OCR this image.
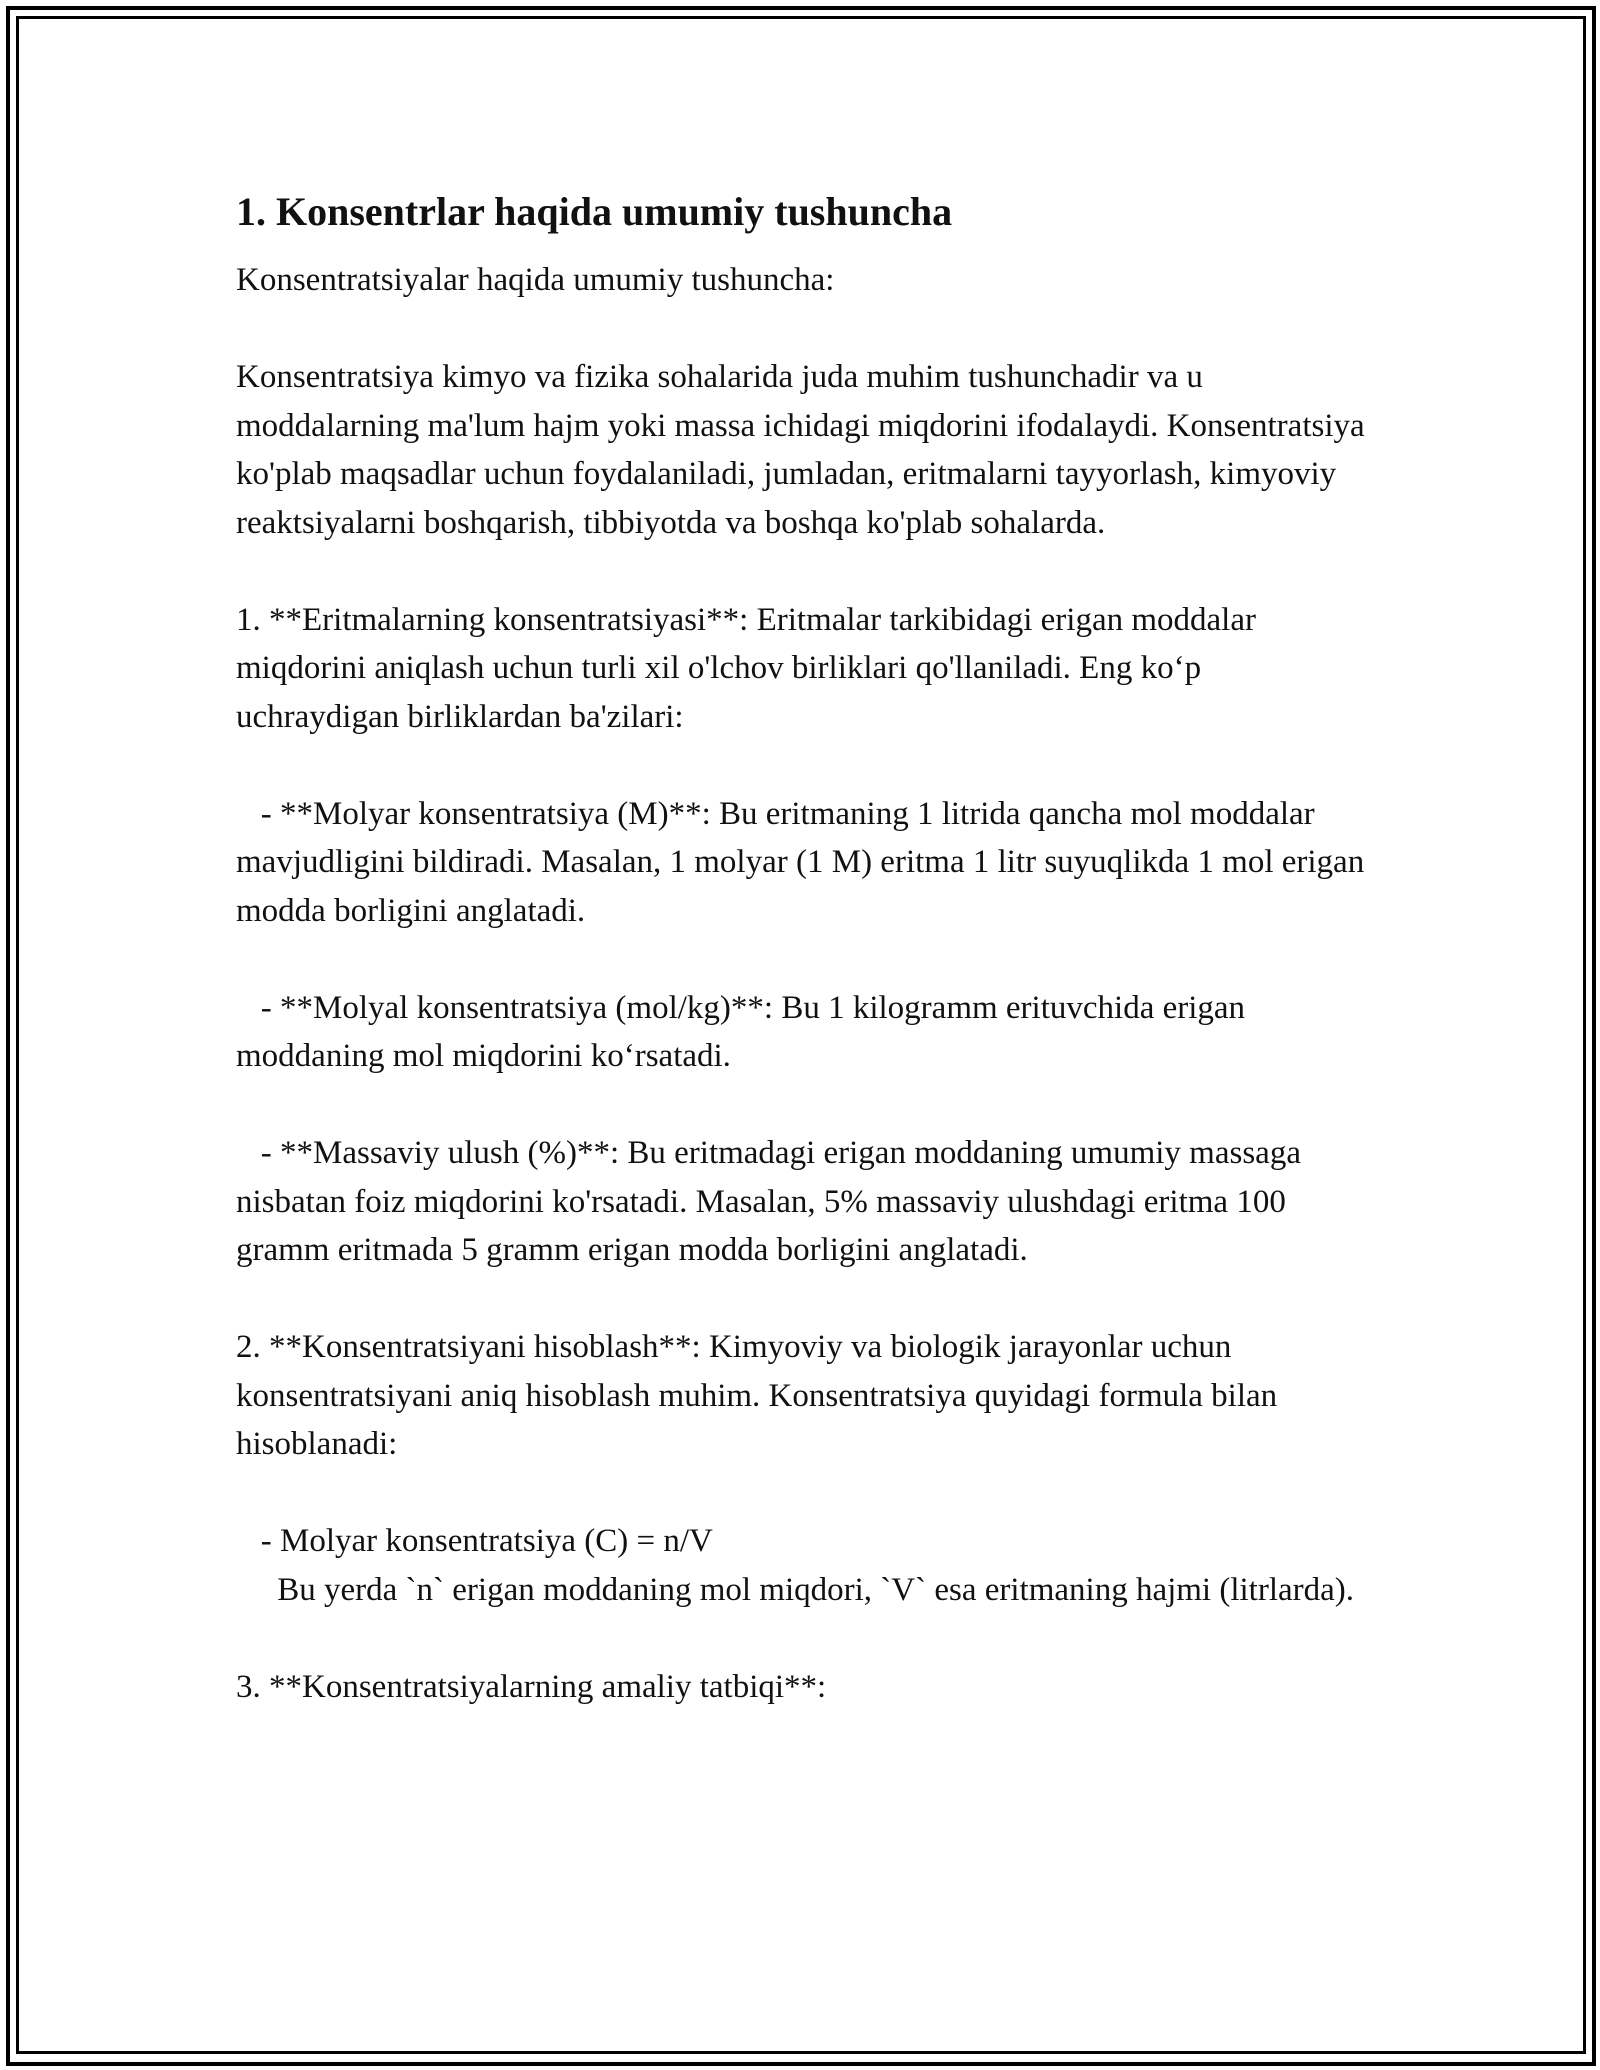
1. Konsentrlar haqida umumiy tushuncha

Konsentratsiyalar haqida umumiy tushuncha:

Konsentratsiya kimyo va fizika sohalarida juda muhim tushunchadir va u moddalarning ma'lum hajm yoki massa ichidagi miqdorini ifodalaydi. Konsentratsiya ko'plab maqsadlar uchun foydalaniladi, jumladan, eritmalarni tayyorlash, kimyoviy reaktsiyalarni boshqarish, tibbiyotda va boshqa ko'plab sohalarda.

1. **Eritmalarning konsentratsiyasi**: Eritmalar tarkibidagi erigan moddalar miqdorini aniqlash uchun turli xil o'lchov birliklari qo'llaniladi. Eng ko‘p uchraydigan birliklardan ba'zilari:

- **Molyar konsentratsiya (M)**: Bu eritmaning 1 litrida qancha mol moddalar mavjudligini bildiradi. Masalan, 1 molyar (1 M) eritma 1 litr suyuqlikda 1 mol erigan modda borligini anglatadi.

- **Molyal konsentratsiya (mol/kg)**: Bu 1 kilogramm erituvchida erigan moddaning mol miqdorini ko‘rsatadi.

- **Massaviy ulush (%)**: Bu eritmadagi erigan moddaning umumiy massaga nisbatan foiz miqdorini ko'rsatadi. Masalan, 5% massaviy ulushdagi eritma 100 gramm eritmada 5 gramm erigan modda borligini anglatadi.

2. **Konsentratsiyani hisoblash**: Kimyoviy va biologik jarayonlar uchun konsentratsiyani aniq hisoblash muhim. Konsentratsiya quyidagi formula bilan hisoblanadi:

- Molyar konsentratsiya (C) = n/V
Bu yerda `n` erigan moddaning mol miqdori, `V` esa eritmaning hajmi (litrlarda).

3. **Konsentratsiyalarning amaliy tatbiqi**:
